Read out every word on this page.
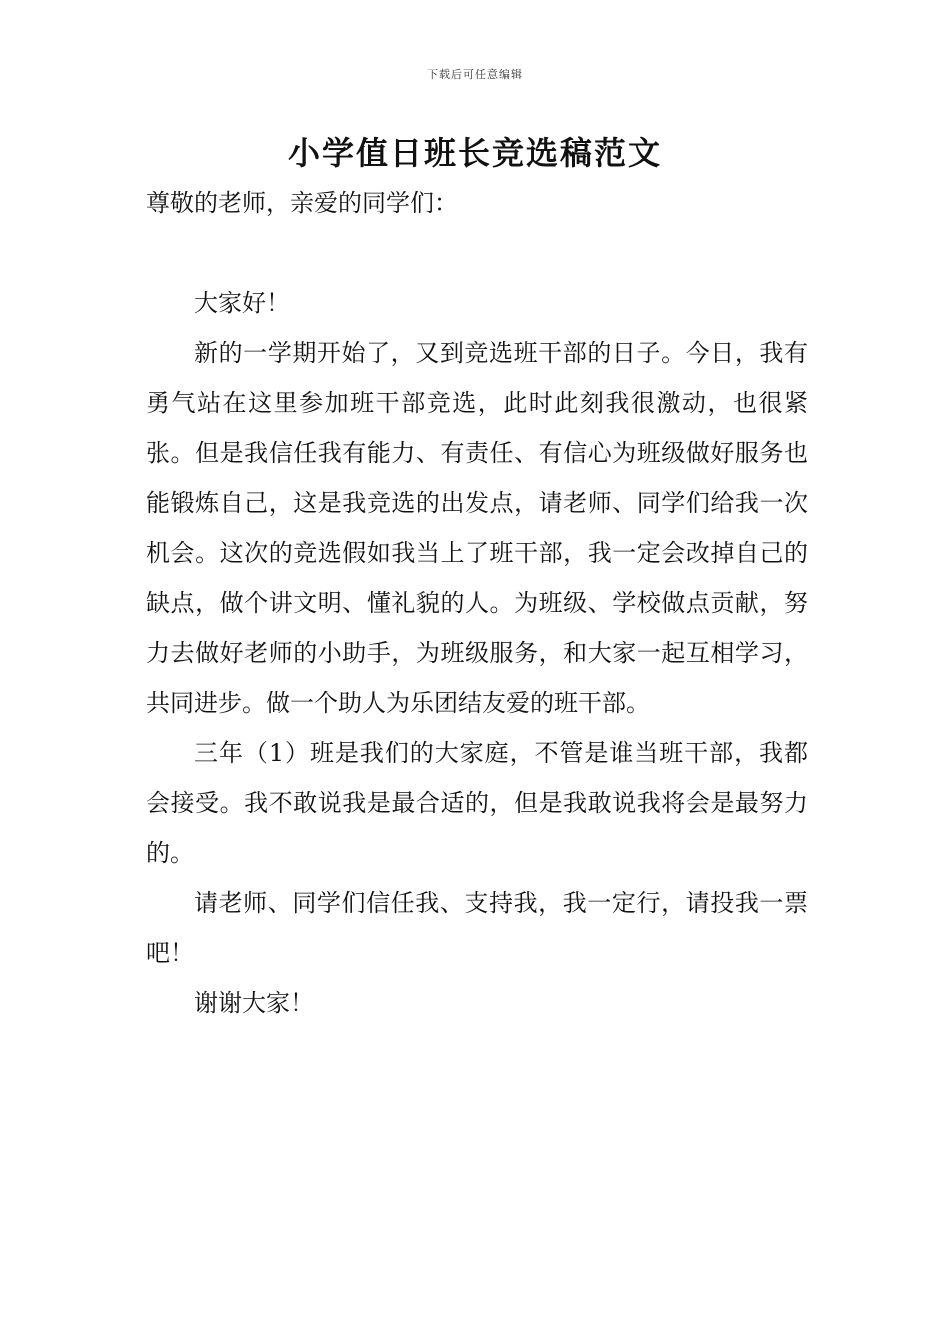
下载后可任意编辑
小学值日班长竞选稿范文

尊敬的老师，亲爱的同学们：

大家好！

新的一学期开始了，又到竞选班干部的日子。今日，我有勇气站在这里参加班干部竞选，此时此刻我很激动，也很紧张。但是我信任我有能力、有责任、有信心为班级做好服务也能锻炼自己，这是我竞选的出发点，请老师、同学们给我一次机会。这次的竞选假如我当上了班干部，我一定会改掉自己的缺点，做个讲文明、懂礼貌的人。为班级、学校做点贡献，努力去做好老师的小助手，为班级服务，和大家一起互相学习，共同进步。做一个助人为乐团结友爱的班干部。

三年（1）班是我们的大家庭，不管是谁当班干部，我都会接受。我不敢说我是最合适的，但是我敢说我将会是最努力的。

请老师、同学们信任我、支持我，我一定行，请投我一票吧！

谢谢大家！
